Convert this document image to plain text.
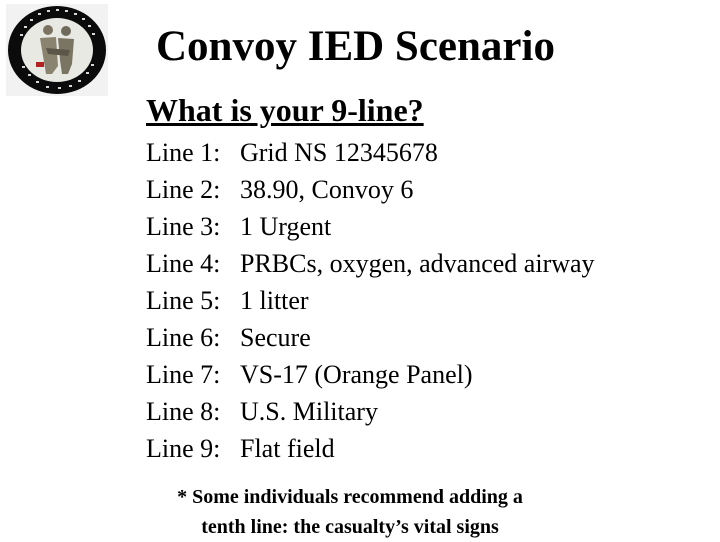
Convoy IED Scenario
What is your 9-line?
Line 1: Grid NS 12345678
Line 2: 38.90, Convoy 6
Line 3: 1 Urgent
Line 4: PRBCs, oxygen, advanced airway
Line 5: 1 litter
Line 6: Secure
Line 7: VS-17 (Orange Panel)
Line 8: U.S. Military
Line 9: Flat field
* Some individuals recommend adding a
tenth line: the casualty’s vital signs
